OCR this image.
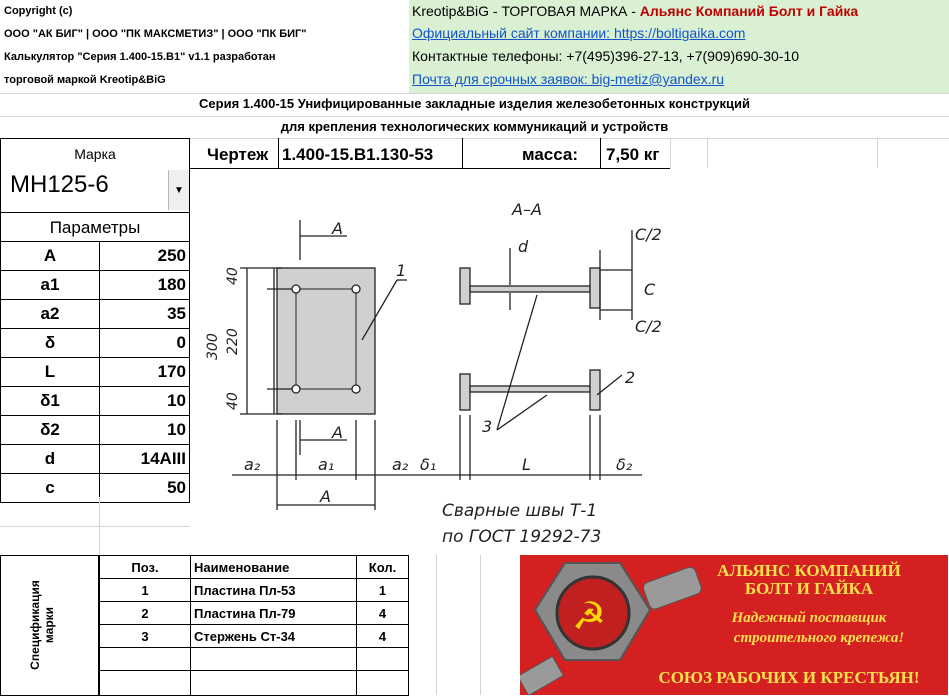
Copyright (c)
ООО "АК БИГ" | ООО "ПК МАКСМЕТИЗ" | ООО "ПК БИГ"
Калькулятор "Серия 1.400-15.В1" v1.1 разработан
торговой маркой Kreotip&BiG
Kreotip&BiG - ТОРГОВАЯ МАРКА - Альянс Компаний Болт и Гайка
Официальный сайт компании: https://boltigaika.com
Контактные телефоны: +7(495)396-27-13, +7(909)690-30-10
Почта для срочных заявок: big-metiz@yandex.ru
Серия 1.400-15 Унифицированные закладные изделия железобетонных конструкций
для крепления технологических коммуникаций и устройств
Марка
МН125-6	▼
Чертеж 1.400-15.В1.130-53	масса: 7,50 кг
Параметры
A	250
a1	180
a2	35
δ	0
L	170
δ1	10
δ2	10
d	14AIII
c	50
А–А
А
А
40
220
300
40
a₂	a₁	a₂
А
δ₁	L	δ₂
d
С/2
С/2
С
1
2
3
Сварные швы Т-1
по ГОСТ 19292-73
Спецификация марки
Поз.	Наименование	Кол.
1	Пластина Пл-53	1
2	Пластина Пл-79	4
3	Стержень Ст-34	4	☭
АЛЬЯНС КОМПАНИЙ
БОЛТ И ГАЙКА
Надежный поставщик
строительного крепежа!
СОЮЗ РАБОЧИХ И КРЕСТЬЯН!
